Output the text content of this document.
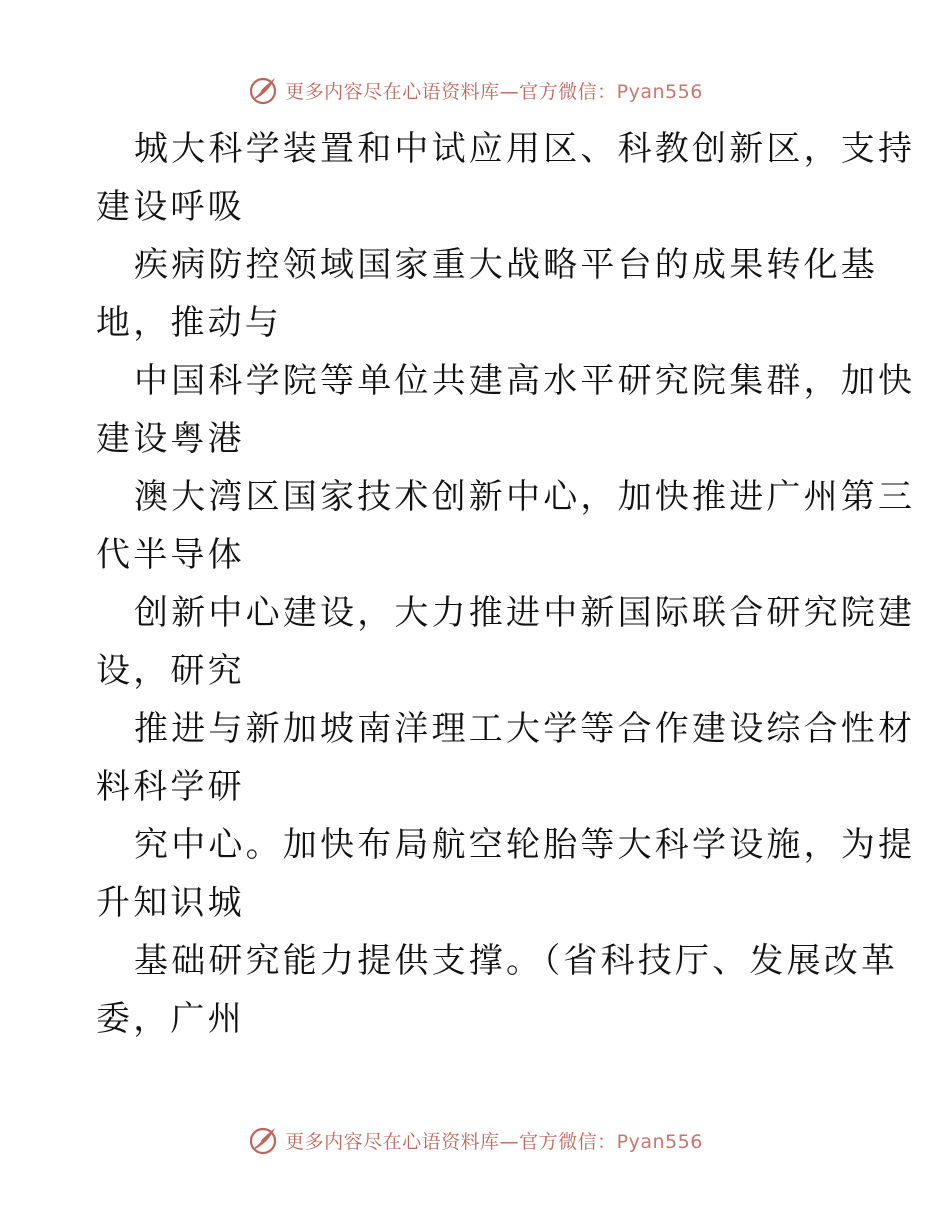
更多内容尽在心语资料库—官方微信：Pyan556
城大科学装置和中试应用区、科教创新区，支持
建设呼吸
疾病防控领域国家重大战略平台的成果转化基
地，推动与
中国科学院等单位共建高水平研究院集群，加快
建设粤港
澳大湾区国家技术创新中心，加快推进广州第三
代半导体
创新中心建设，大力推进中新国际联合研究院建
设，研究
推进与新加坡南洋理工大学等合作建设综合性材
料科学研
究中心。加快布局航空轮胎等大科学设施，为提
升知识城
基础研究能力提供支撑。（省科技厅、发展改革
委，广州
更多内容尽在心语资料库—官方微信：Pyan556
